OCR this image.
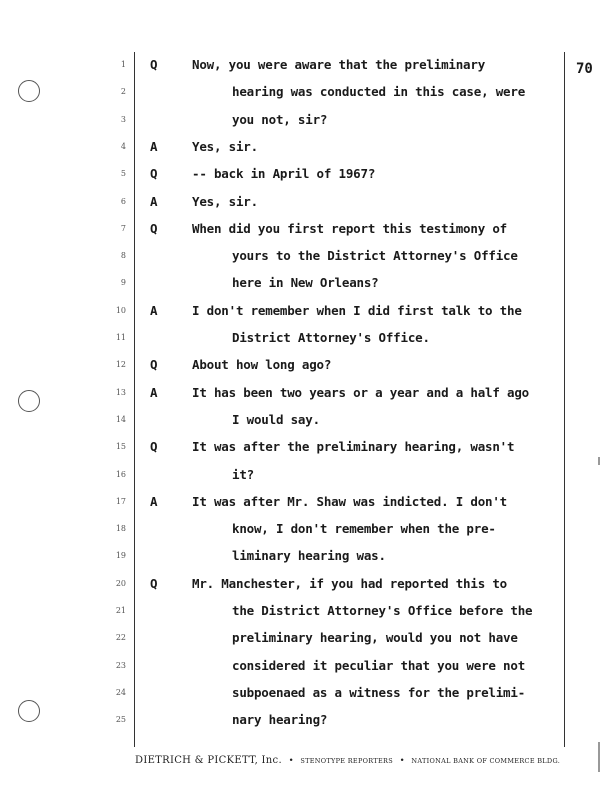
70
1 Q	Now, you were aware that the preliminary
2	hearing was conducted in this case, were
3	you not, sir?
4 A	Yes, sir.
5 Q	-- back in April of 1967?
6 A	Yes, sir.
7 Q	When did you first report this testimony of
8	yours to the District Attorney's Office
9	here in New Orleans?
10 A	I don't remember when I did first talk to the
11	District Attorney's Office.
12 Q	About how long ago?
13 A	It has been two years or a year and a half ago
14	I would say.
15 Q	It was after the preliminary hearing, wasn't
16	it?
17 A	It was after Mr. Shaw was indicted. I don't
18	know, I don't remember when the pre-
19	liminary hearing was.
20 Q	Mr. Manchester, if you had reported this to
21	the District Attorney's Office before the
22	preliminary hearing, would you not have
23	considered it peculiar that you were not
24	subpoenaed as a witness for the prelimi-
25	nary hearing?
DIETRICH & PICKETT, Inc. • STENOTYPE REPORTERS • NATIONAL BANK OF COMMERCE BLDG.
